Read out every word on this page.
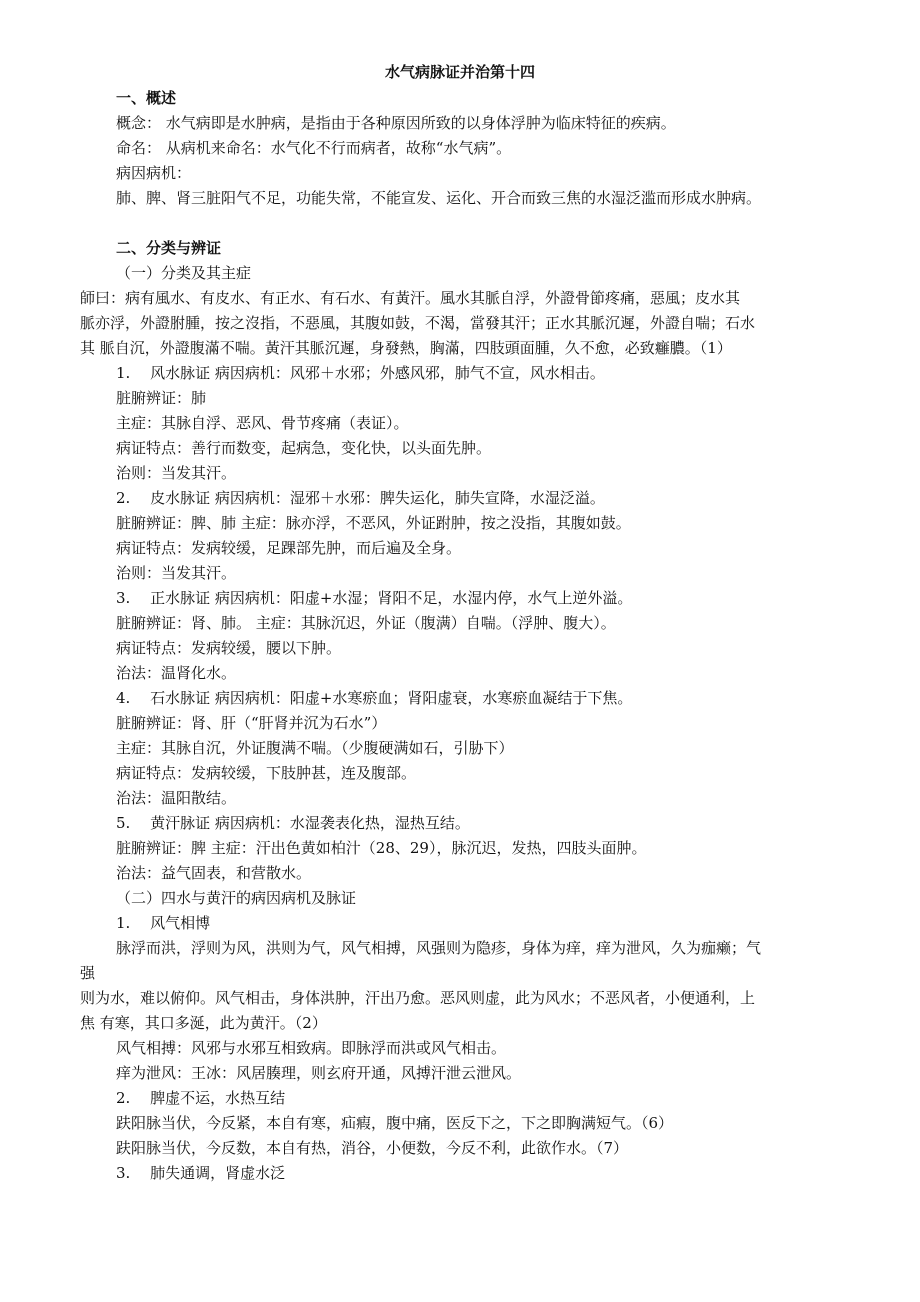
水气病脉证并治第十四
一、概述
概念： 水气病即是水肿病，是指由于各种原因所致的以身体浮肿为临床特征的疾病。
命名： 从病机来命名：水气化不行而病者，故称“水气病”。
病因病机：
肺、脾、肾三脏阳气不足，功能失常，不能宣发、运化、开合而致三焦的水湿泛滥而形成水肿病。
二、分类与辨证
（一）分类及其主症
師曰：病有風水、有皮水、有正水、有石水、有黃汗。風水其脈自浮，外證骨節疼痛，惡風；皮水其
脈亦浮，外證胕腫，按之沒指，不惡風，其腹如鼓，不渴，當發其汗；正水其脈沉遲，外證自喘；石水
其 脈自沉，外證腹滿不喘。黃汗其脈沉遲，身發熱，胸滿，四肢頭面腫，久不愈，必致癰膿。（1）
1.　 风水脉证 病因病机：风邪＋水邪；外感风邪，肺气不宣，风水相击。
脏腑辨证：肺
主症：其脉自浮、恶风、骨节疼痛（表证）。
病证特点：善行而数变，起病急，变化快，以头面先肿。
治则：当发其汗。
2.　 皮水脉证 病因病机：湿邪＋水邪：脾失运化，肺失宣降，水湿泛溢。
脏腑辨证：脾、肺 主症：脉亦浮，不恶风，外证跗肿，按之没指，其腹如鼓。
病证特点：发病较缓，足踝部先肿，而后遍及全身。
治则：当发其汗。
3.　 正水脉证 病因病机：阳虚+水湿；肾阳不足，水湿内停，水气上逆外溢。
脏腑辨证：肾、肺。 主症：其脉沉迟，外证（腹满）自喘。（浮肿、腹大）。
病证特点：发病较缓，腰以下肿。
治法：温肾化水。
4.　 石水脉证 病因病机：阳虚+水寒瘀血；肾阳虚衰，水寒瘀血凝结于下焦。
脏腑辨证：肾、肝（“肝肾并沉为石水”）
主症：其脉自沉，外证腹满不喘。（少腹硬满如石，引胁下）
病证特点：发病较缓，下肢肿甚，连及腹部。
治法：温阳散结。
5.　 黄汗脉证 病因病机：水湿袭表化热，湿热互结。
脏腑辨证：脾 主症：汗出色黄如柏汁（28、29），脉沉迟，发热，四肢头面肿。
治法：益气固表，和营散水。
（二）四水与黄汗的病因病机及脉证
1.　 风气相博
脉浮而洪，浮则为风，洪则为气，风气相搏，风强则为隐疹，身体为痒，痒为泄风，久为痂癞；气
强
则为水，难以俯仰。风气相击，身体洪肿，汗出乃愈。恶风则虚，此为风水；不恶风者，小便通利，上
焦 有寒，其口多涎，此为黄汗。（2）
风气相搏：风邪与水邪互相致病。即脉浮而洪或风气相击。
痒为泄风：王冰：风居腠理，则玄府开通，风搏汗泄云泄风。
2.　 脾虚不运，水热互结
趺阳脉当伏，今反紧，本自有寒，疝瘕，腹中痛，医反下之，下之即胸满短气。（6）
趺阳脉当伏，今反数，本自有热，消谷，小便数，今反不利，此欲作水。（7）
3.　 肺失通调，肾虚水泛
